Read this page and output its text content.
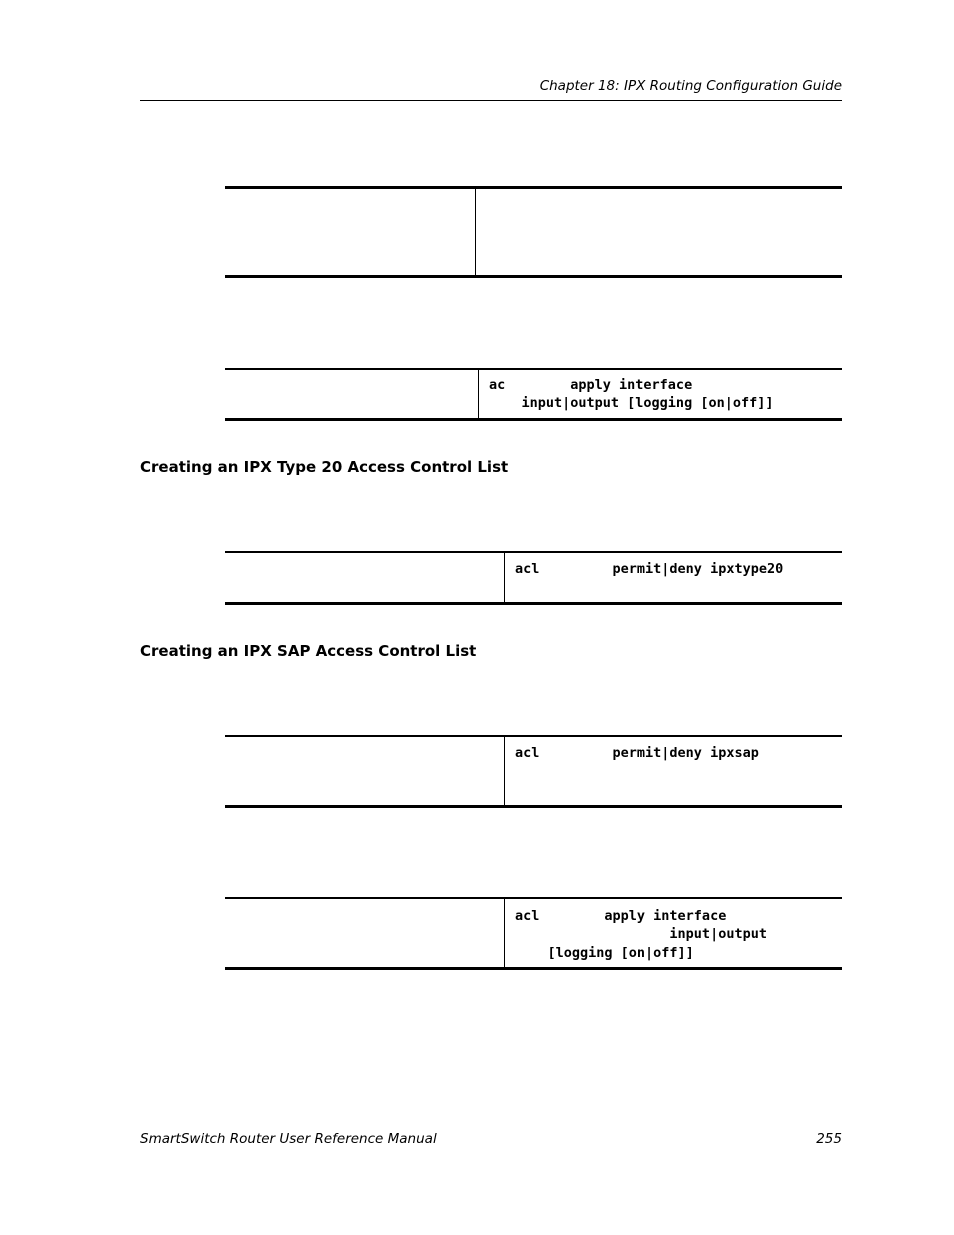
Chapter 18: IPX Routing Configuration Guide
ac        apply interface
input|output [logging [on|off]]
Creating an IPX Type 20 Access Control List
acl         permit|deny ipxtype20
Creating an IPX SAP Access Control List
acl         permit|deny ipxsap
acl        apply interface
input|output
[logging [on|off]]
SmartSwitch Router User Reference Manual	255
